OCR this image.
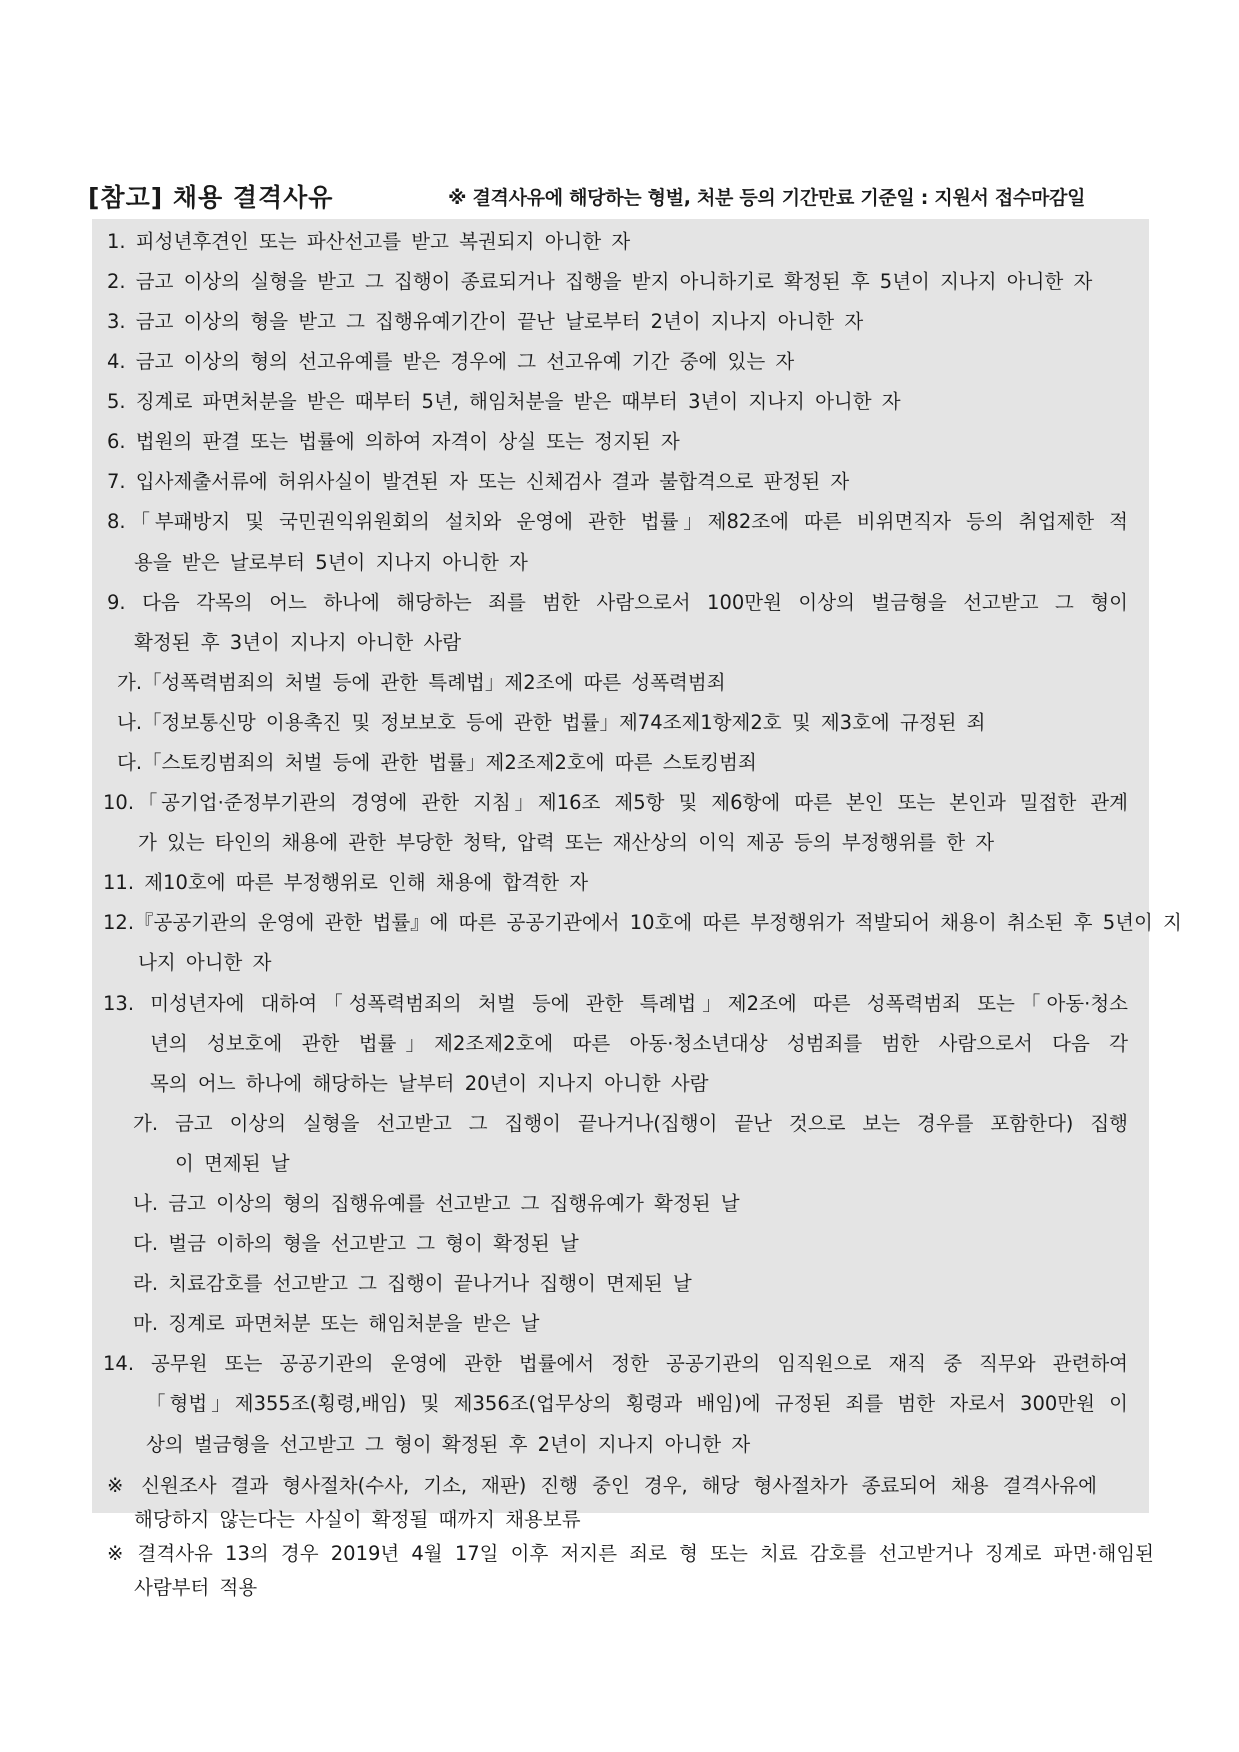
[참고] 채용 결격사유	※ 결격사유에 해당하는 형벌, 처분 등의 기간만료 기준일 : 지원서 접수마감일
1. 피성년후견인 또는 파산선고를 받고 복권되지 아니한 자
2. 금고 이상의 실형을 받고 그 집행이 종료되거나 집행을 받지 아니하기로 확정된 후 5년이 지나지 아니한 자
3. 금고 이상의 형을 받고 그 집행유예기간이 끝난 날로부터 2년이 지나지 아니한 자
4. 금고 이상의 형의 선고유예를 받은 경우에 그 선고유예 기간 중에 있는 자
5. 징계로 파면처분을 받은 때부터 5년, 해임처분을 받은 때부터 3년이 지나지 아니한 자
6. 법원의 판결 또는 법률에 의하여 자격이 상실 또는 정지된 자
7. 입사제출서류에 허위사실이 발견된 자 또는 신체검사 결과 불합격으로 판정된 자
8.「부패방지 및 국민권익위원회의 설치와 운영에 관한 법률」제82조에 따른 비위면직자 등의 취업제한 적
용을 받은 날로부터 5년이 지나지 아니한 자
9. 다음 각목의 어느 하나에 해당하는 죄를 범한 사람으로서 100만원 이상의 벌금형을 선고받고 그 형이
확정된 후 3년이 지나지 아니한 사람
가.「성폭력범죄의 처벌 등에 관한 특례법」제2조에 따른 성폭력범죄
나.「정보통신망 이용촉진 및 정보보호 등에 관한 법률」제74조제1항제2호 및 제3호에 규정된 죄
다.「스토킹범죄의 처벌 등에 관한 법률」제2조제2호에 따른 스토킹범죄
10.「공기업·준정부기관의 경영에 관한 지침」제16조 제5항 및 제6항에 따른 본인 또는 본인과 밀접한 관계
가 있는 타인의 채용에 관한 부당한 청탁, 압력 또는 재산상의 이익 제공 등의 부정행위를 한 자
11. 제10호에 따른 부정행위로 인해 채용에 합격한 자
12.『공공기관의 운영에 관한 법률』에 따른 공공기관에서 10호에 따른 부정행위가 적발되어 채용이 취소된 후 5년이 지
나지 아니한 자
13. 미성년자에 대하여「성폭력범죄의 처벌 등에 관한 특례법」제2조에 따른 성폭력범죄 또는「아동·청소
년의 성보호에 관한 법률」제2조제2호에 따른 아동·청소년대상 성범죄를 범한 사람으로서 다음 각
목의 어느 하나에 해당하는 날부터 20년이 지나지 아니한 사람
가. 금고 이상의 실형을 선고받고 그 집행이 끝나거나(집행이 끝난 것으로 보는 경우를 포함한다) 집행
이 면제된 날
나. 금고 이상의 형의 집행유예를 선고받고 그 집행유예가 확정된 날
다. 벌금 이하의 형을 선고받고 그 형이 확정된 날
라. 치료감호를 선고받고 그 집행이 끝나거나 집행이 면제된 날
마. 징계로 파면처분 또는 해임처분을 받은 날
14. 공무원 또는 공공기관의 운영에 관한 법률에서 정한 공공기관의 임직원으로 재직 중 직무와 관련하여
「형법」제355조(횡령,배임) 및 제356조(업무상의 횡령과 배임)에 규정된 죄를 범한 자로서 300만원 이
상의 벌금형을 선고받고 그 형이 확정된 후 2년이 지나지 아니한 자
※ 신원조사 결과 형사절차(수사, 기소, 재판) 진행 중인 경우, 해당 형사절차가 종료되어 채용 결격사유에
해당하지 않는다는 사실이 확정될 때까지 채용보류
※ 결격사유 13의 경우 2019년 4월 17일 이후 저지른 죄로 형 또는 치료 감호를 선고받거나 징계로 파면·해임된
사람부터 적용
